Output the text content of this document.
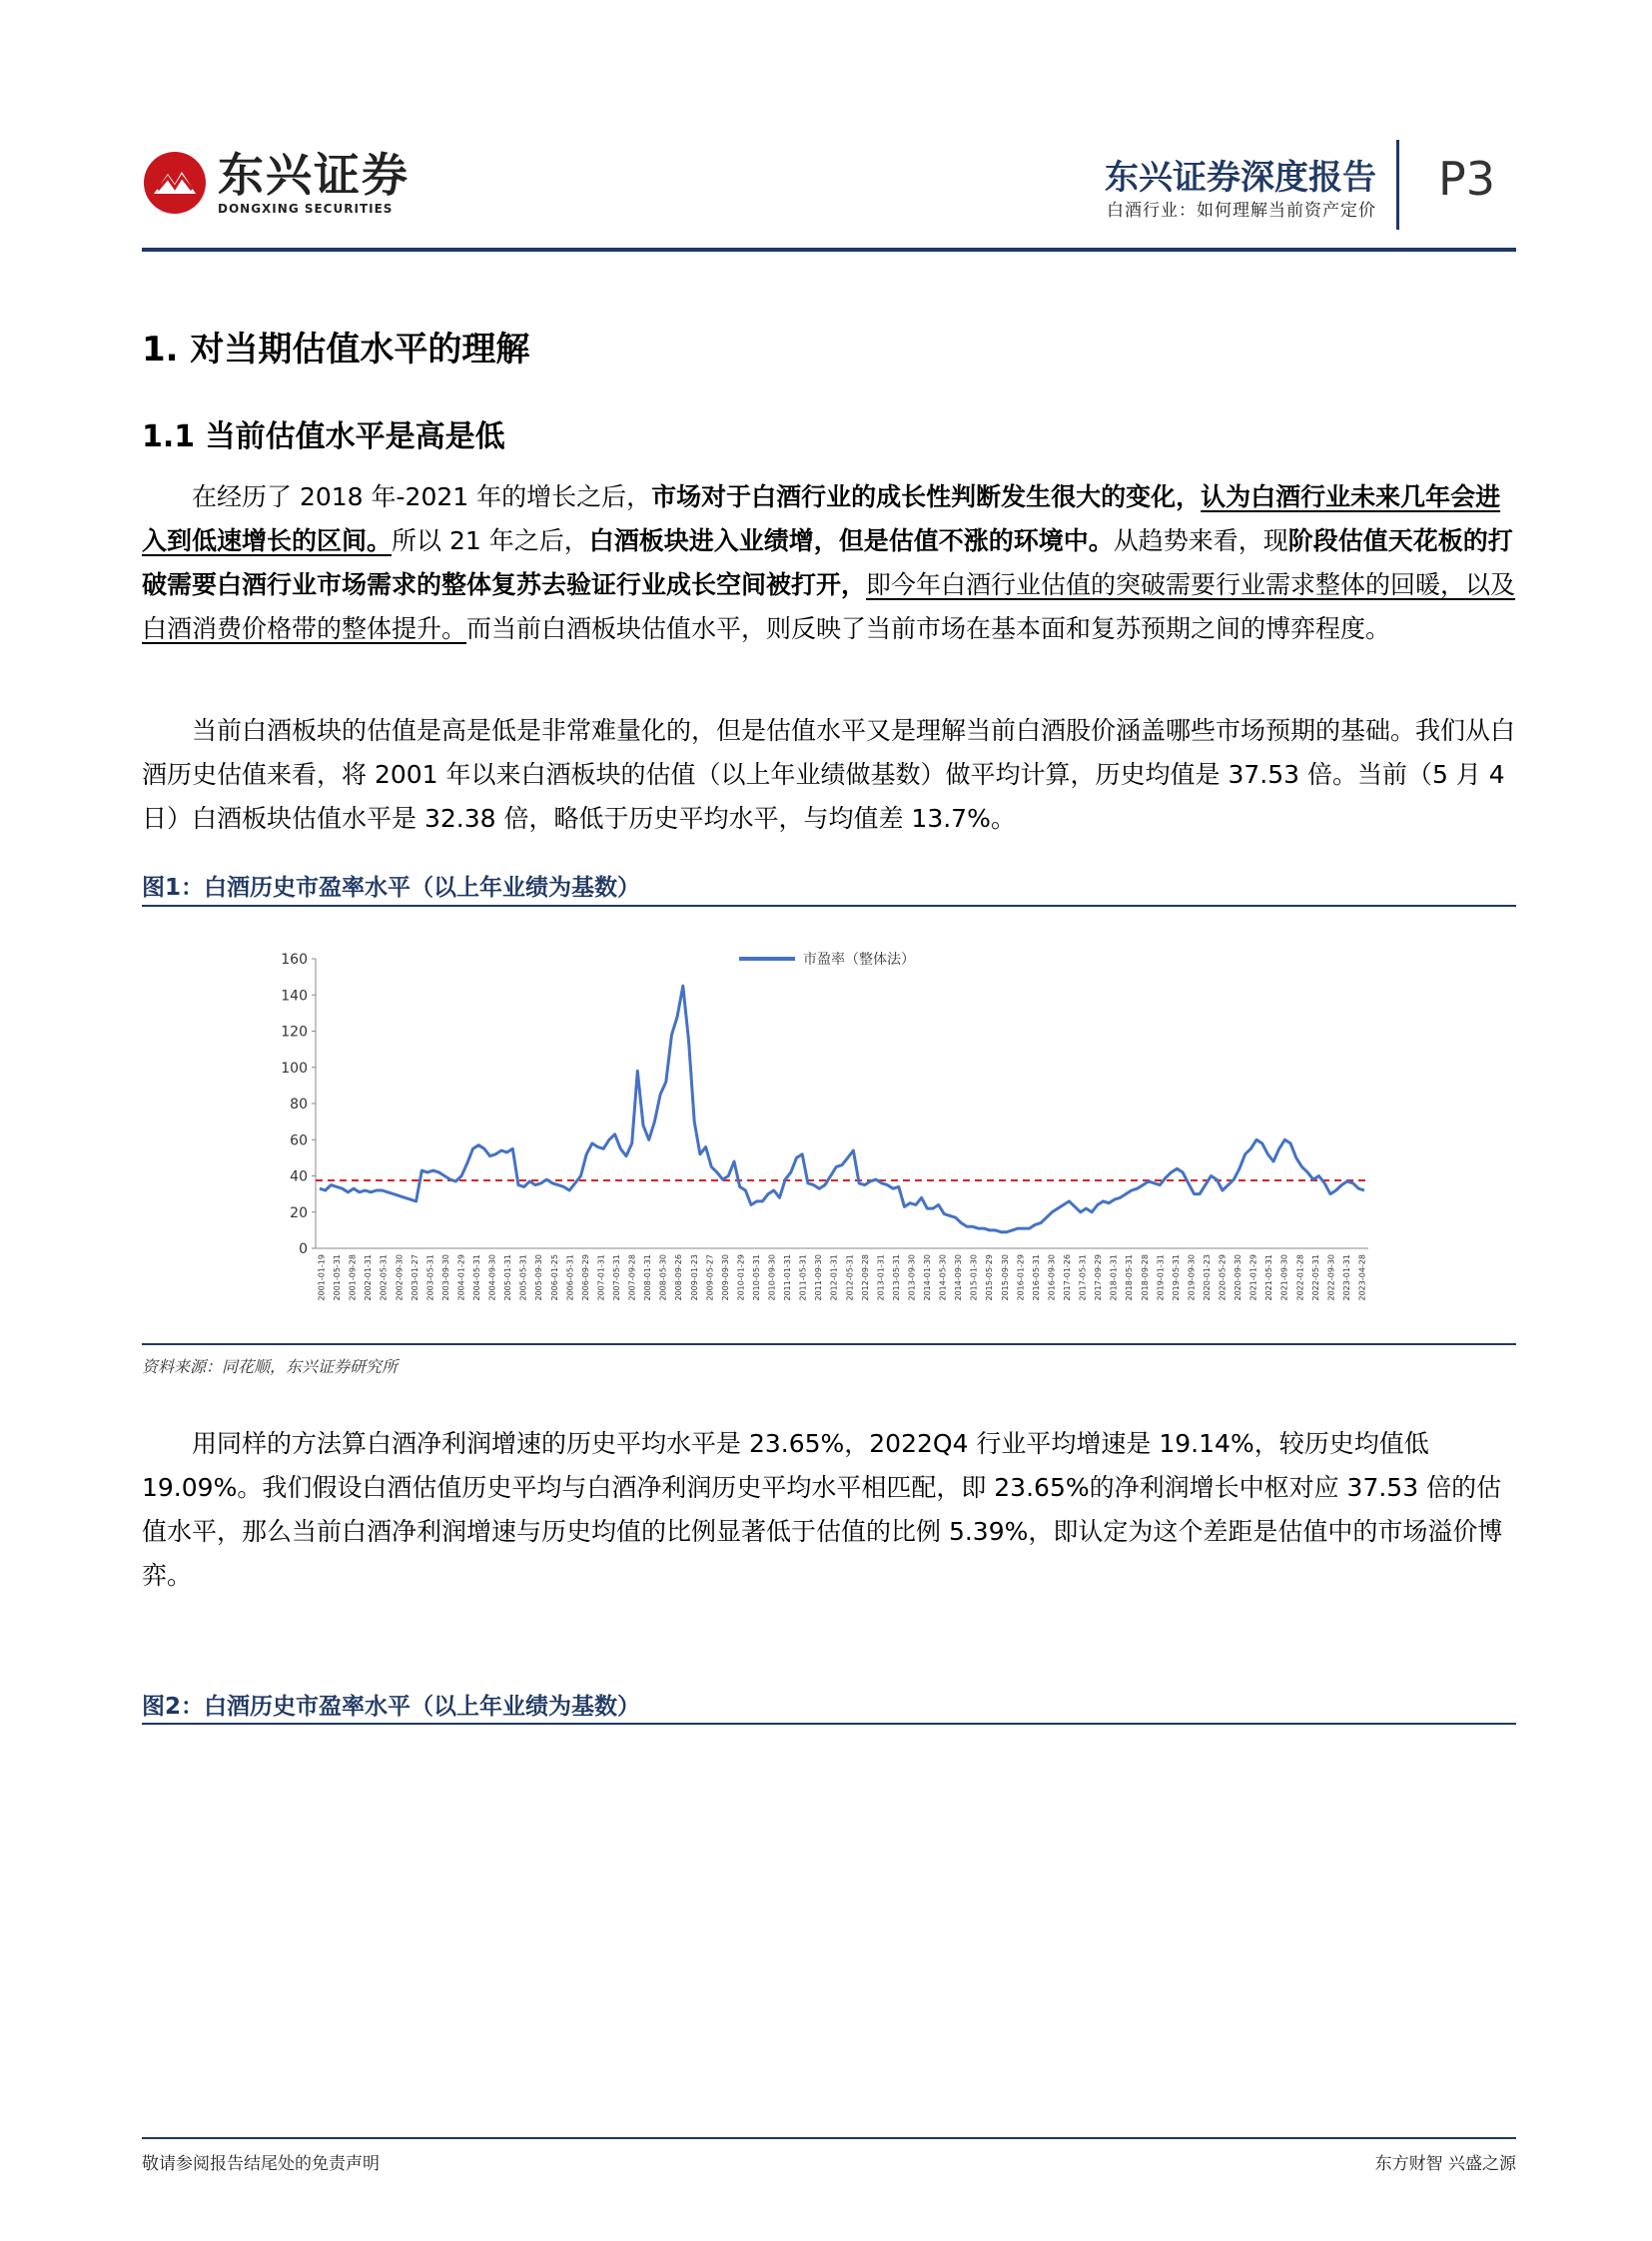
东兴证券
DONGXING SECURITIES
东兴证券深度报告
白酒行业：如何理解当前资产定价
P3
1. 对当期估值水平的理解
1.1 当前估值水平是高是低
在经历了 2018 年-2021 年的增长之后，市场对于白酒行业的成长性判断发生很大的变化，认为白酒行业未来几年会进入到低速增长的区间。所以 21 年之后，白酒板块进入业绩增，但是估值不涨的环境中。从趋势来看，现阶段估值天花板的打破需要白酒行业市场需求的整体复苏去验证行业成长空间被打开，即今年白酒行业估值的突破需要行业需求整体的回暖，以及白酒消费价格带的整体提升。而当前白酒板块估值水平，则反映了当前市场在基本面和复苏预期之间的博弈程度。
当前白酒板块的估值是高是低是非常难量化的，但是估值水平又是理解当前白酒股价涵盖哪些市场预期的基础。我们从白酒历史估值来看，将 2001 年以来白酒板块的估值（以上年业绩做基数）做平均计算，历史均值是 37.53 倍。当前（5 月 4 日）白酒板块估值水平是 32.38 倍，略低于历史平均水平，与均值差 13.7%。
图1：白酒历史市盈率水平（以上年业绩为基数）
0
20
40
60
80
100
120
140
160
2001-01-19 2001-05-31 2001-09-28 2002-01-31 2002-05-31 2002-09-30 2003-01-27 2003-05-31 2003-09-30 2004-01-29 2004-05-31 2004-09-30 2005-01-31 2005-05-31 2005-09-30 2006-01-25 2006-05-31 2006-09-29 2007-01-31 2007-05-31 2007-09-28 2008-01-31 2008-05-30 2008-09-26 2009-01-23 2009-05-27 2009-09-30 2010-01-29 2010-05-31 2010-09-30 2011-01-31 2011-05-31 2011-09-30 2012-01-31 2012-05-31 2012-09-28 2013-01-31 2013-05-31 2013-09-30 2014-01-30 2014-05-30 2014-09-30 2015-01-30 2015-05-29 2015-09-30 2016-01-29 2016-05-31 2016-09-30 2017-01-26 2017-05-31 2017-09-29 2018-01-31 2018-05-31 2018-09-28 2019-01-31 2019-05-31 2019-09-30 2020-01-23 2020-05-29 2020-09-30 2021-01-29 2021-05-31 2021-09-30 2022-01-28 2022-05-31 2022-09-30 2023-01-31 2023-04-28
市盈率（整体法）
资料来源：同花顺，东兴证券研究所
用同样的方法算白酒净利润增速的历史平均水平是 23.65%，2022Q4 行业平均增速是 19.14%，较历史均值低 19.09%。我们假设白酒估值历史平均与白酒净利润历史平均水平相匹配，即 23.65%的净利润增长中枢对应 37.53 倍的估值水平，那么当前白酒净利润增速与历史均值的比例显著低于估值的比例 5.39%，即认定为这个差距是估值中的市场溢价博弈。
图2：白酒历史市盈率水平（以上年业绩为基数）
敬请参阅报告结尾处的免责声明	东方财智 兴盛之源
